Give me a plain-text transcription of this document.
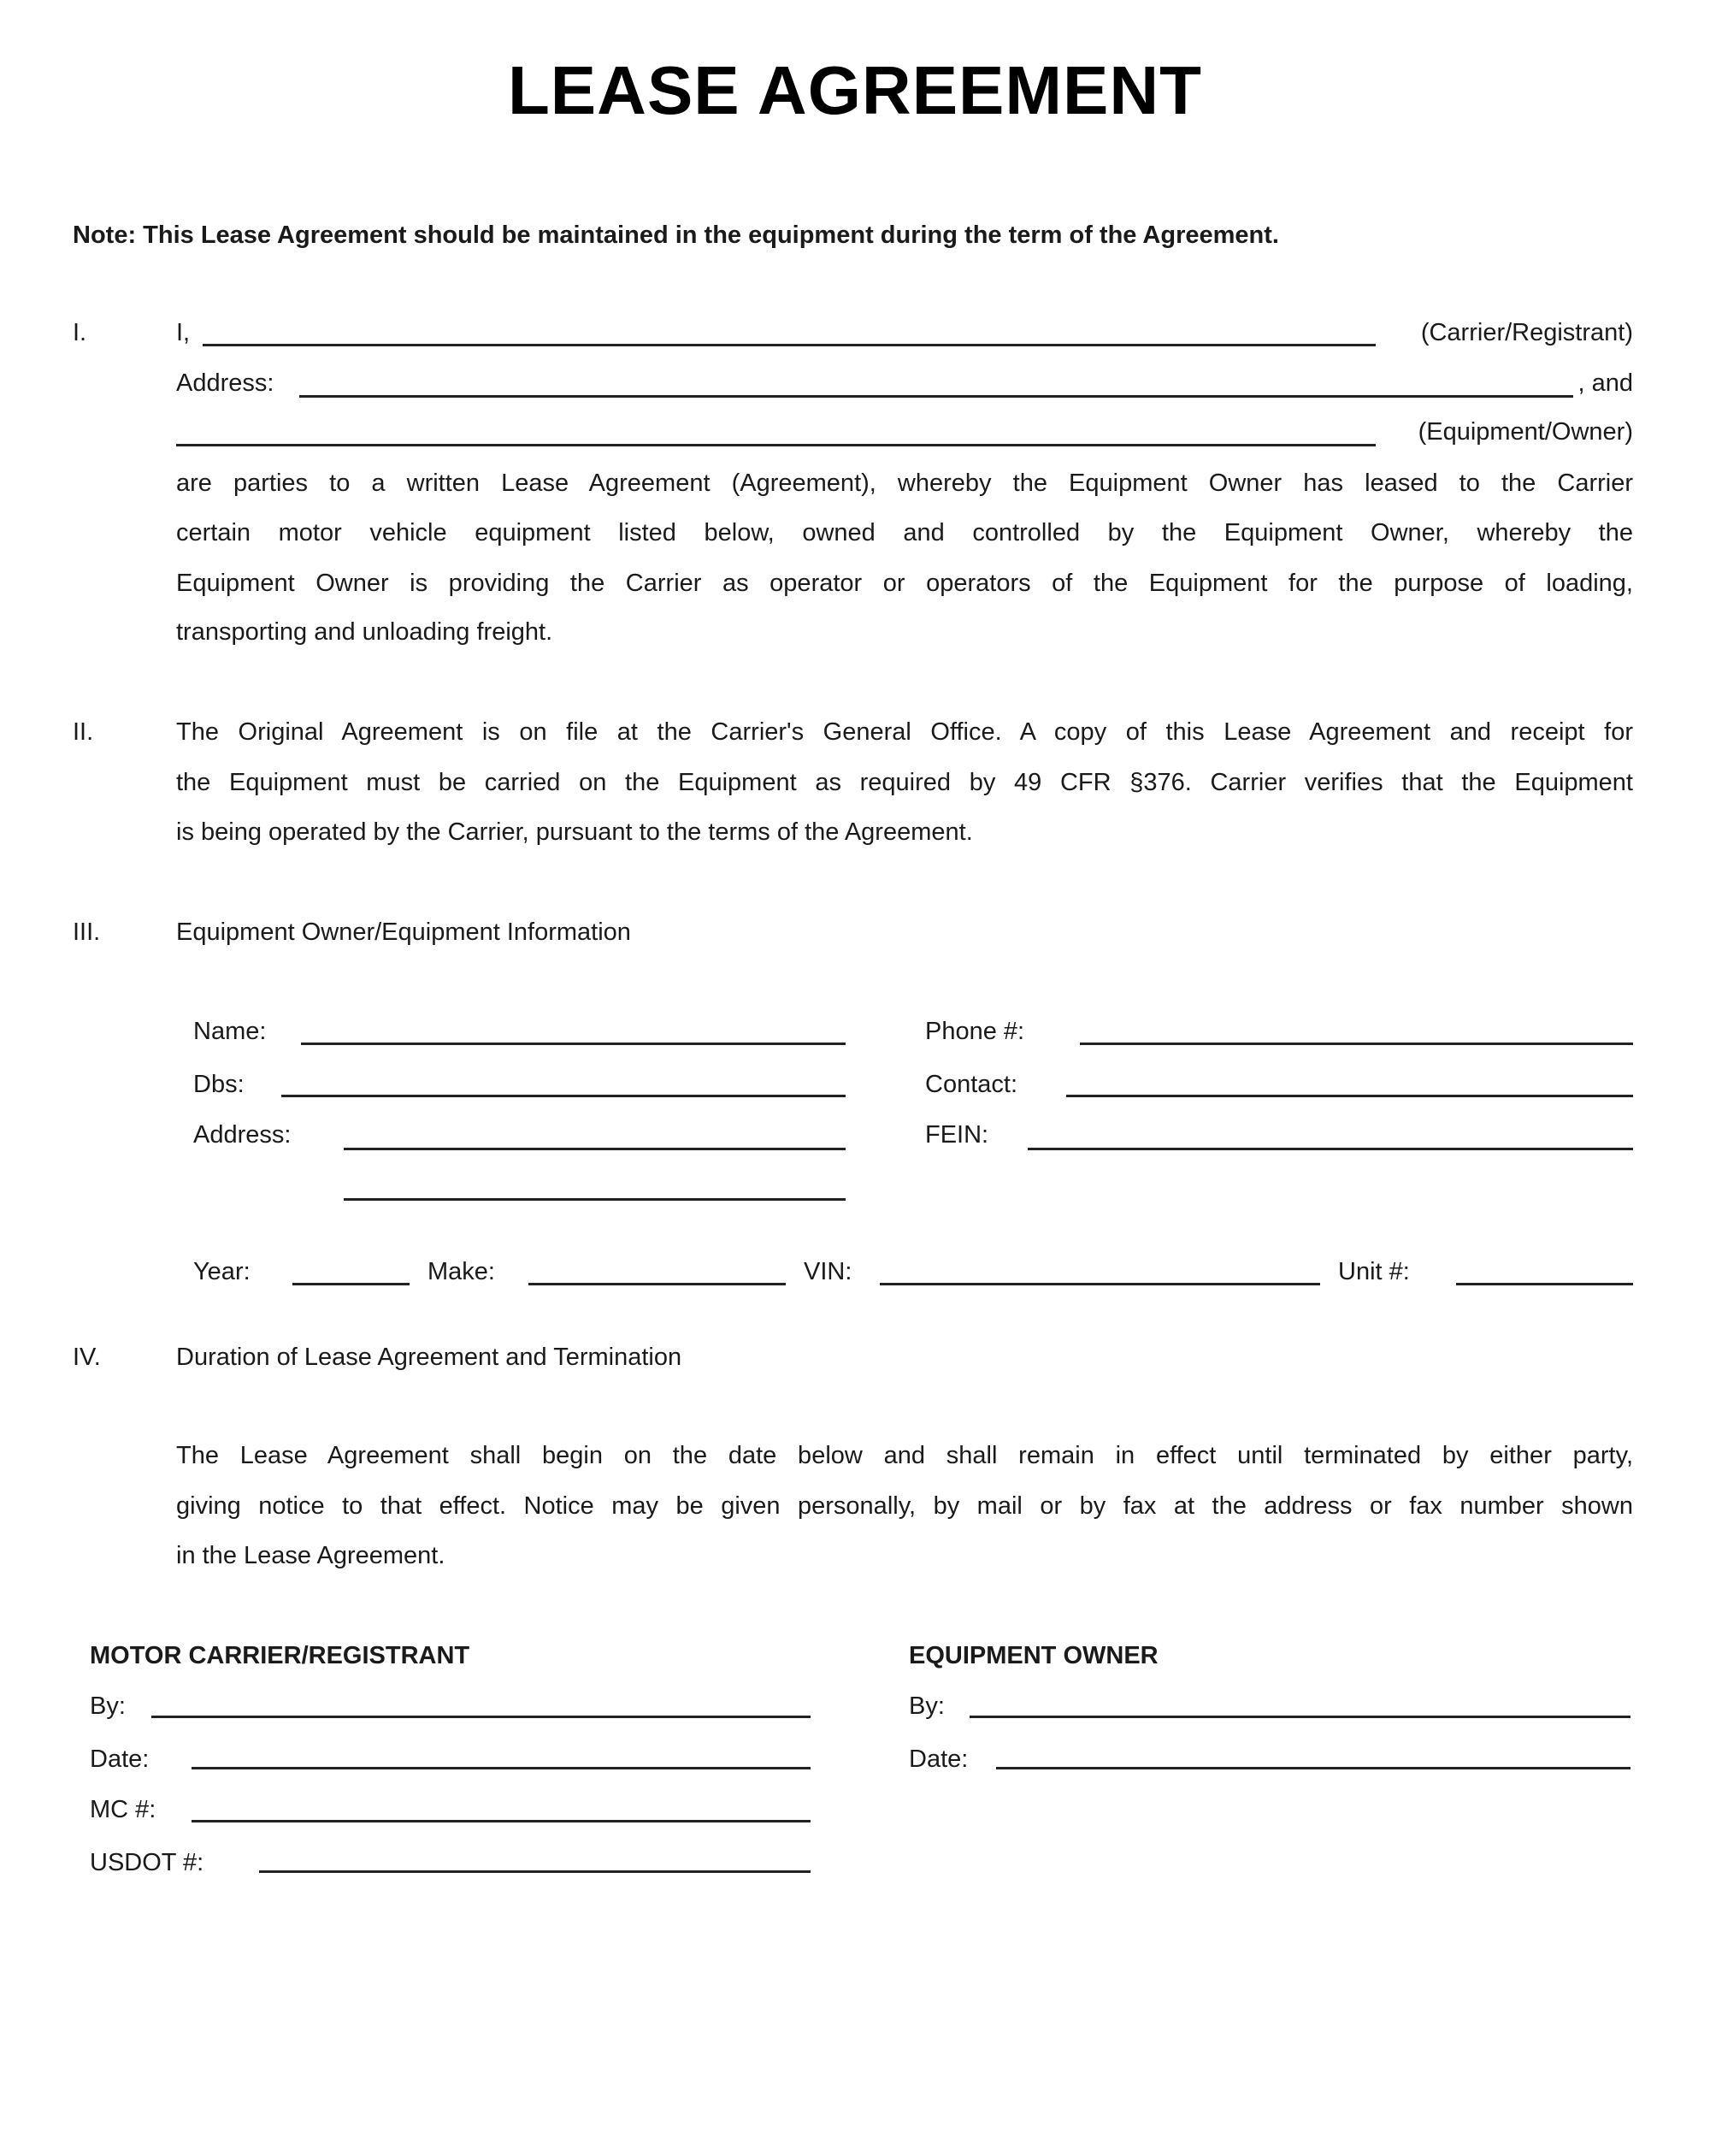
LEASE AGREEMENT
Note: This Lease Agreement should be maintained in the equipment during the term of the Agreement.
I.	I,	(Carrier/Registrant)
Address:	, and
(Equipment/Owner)
are parties to a written Lease Agreement (Agreement), whereby the Equipment Owner has leased to the Carrier
certain motor vehicle equipment listed below, owned and controlled by the Equipment Owner, whereby the
Equipment Owner is providing the Carrier as operator or operators of the Equipment for the purpose of loading,
transporting and unloading freight.
II.	The Original Agreement is on file at the Carrier's General Office. A copy of this Lease Agreement and receipt for
the Equipment must be carried on the Equipment as required by 49 CFR §376. Carrier verifies that the Equipment
is being operated by the Carrier, pursuant to the terms of the Agreement.
III.	Equipment Owner/Equipment Information
Name:	Phone #:
Dbs:	Contact:
Address:	FEIN:
Year:	Make:	VIN:	Unit #:
IV.	Duration of Lease Agreement and Termination
The Lease Agreement shall begin on the date below and shall remain in effect until terminated by either party,
giving notice to that effect. Notice may be given personally, by mail or by fax at the address or fax number shown
in the Lease Agreement.
MOTOR CARRIER/REGISTRANT	EQUIPMENT OWNER
By:	By:
Date:	Date:
MC #:
USDOT #:
